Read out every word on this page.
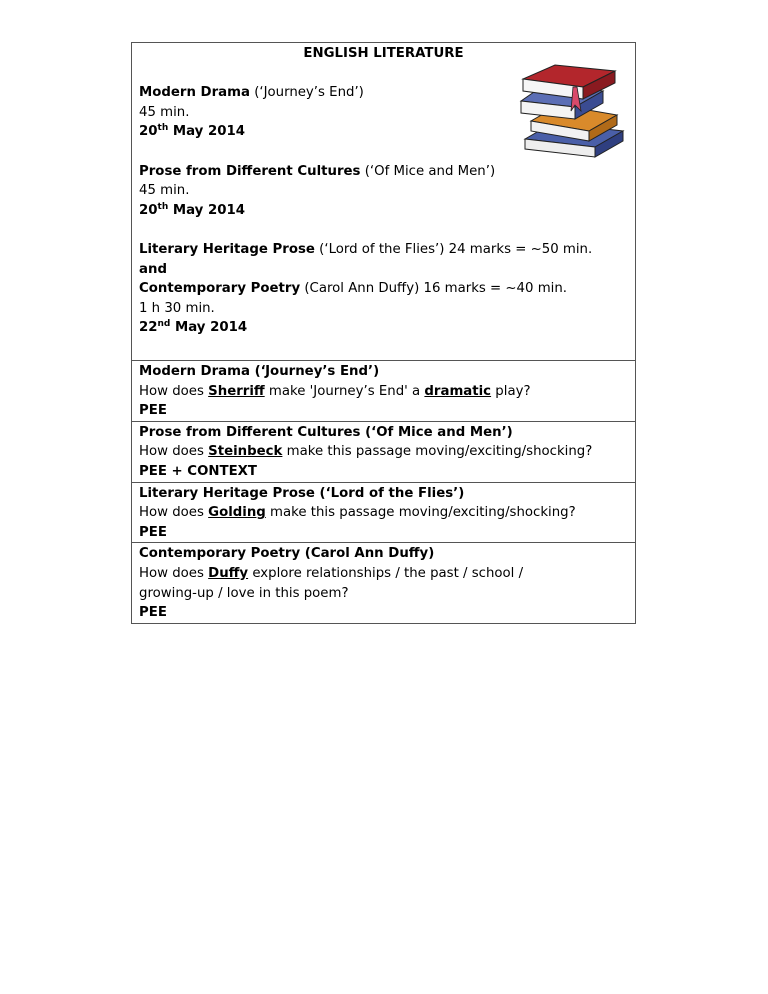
ENGLISH LITERATURE

Modern Drama (‘Journey’s End’)

45 min.

20th May 2014

Prose from Different Cultures (‘Of Mice and Men’)

45 min.

20th May 2014

Literary Heritage Prose (‘Lord of the Flies’) 24 marks = ~50 min.

and

Contemporary Poetry (Carol Ann Duffy) 16 marks = ~40 min.

1 h 30 min.

22nd May 2014

Modern Drama (‘Journey’s End’)

How does Sherriff make 'Journey’s End' a dramatic play?

PEE

Prose from Different Cultures (‘Of Mice and Men’)

How does Steinbeck make this passage moving/exciting/shocking?

PEE + CONTEXT

Literary Heritage Prose (‘Lord of the Flies’)

How does Golding make this passage moving/exciting/shocking?

PEE

Contemporary Poetry (Carol Ann Duffy)

How does Duffy explore relationships / the past / school /

growing-up / love in this poem?

PEE
